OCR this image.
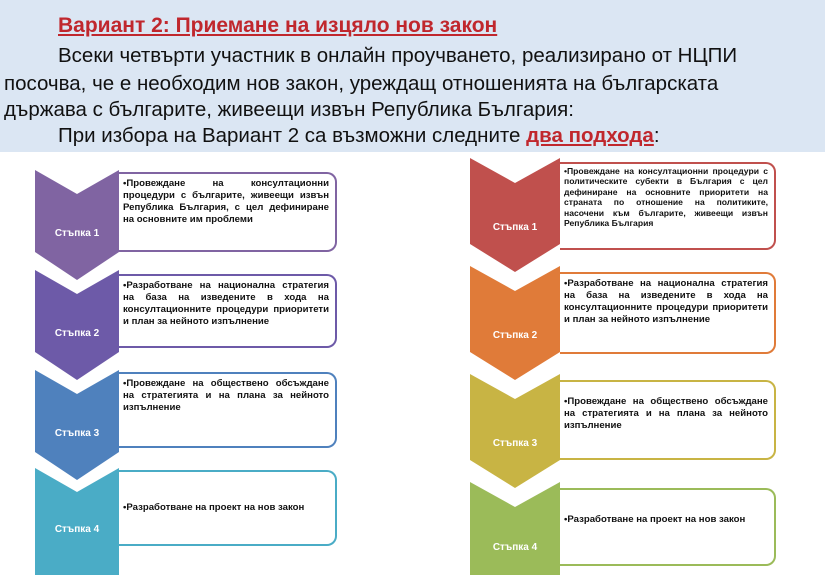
Вариант 2: Приемане на изцяло нов закон
Всеки четвърти участник в онлайн проучването, реализирано от НЦПИ
посочва, че е необходим нов закон, уреждащ отношенията на българската
държава с българите, живеещи извън Република България:
При избора на Вариант 2 са възможни следните два подхода:
Стъпка 1
•Провеждане на консултационни процедури с българите, живеещи извън Република България, с цел дефиниране на основните им проблеми
Стъпка 2
•Разработване на национална стратегия на база на изведените в хода на консултационните процедури приоритети и план за нейното изпълнение
Стъпка 3
•Провеждане на обществено обсъждане на стратегията и на плана за нейното изпълнение
Стъпка 4
•Разработване на проект на нов закон
Стъпка 1
•Провеждане на консултационни процедури с политическите субекти в България с цел дефиниране на основните приоритети на страната по отношение на политиките, насочени към българите, живеещи извън Република България
Стъпка 2
•Разработване на национална стратегия на база на изведените в хода на консултационните процедури приоритети и план за нейното изпълнение
Стъпка 3
•Провеждане на обществено обсъждане на стратегията и на плана за нейното изпълнение
Стъпка 4
•Разработване на проект на нов закон
